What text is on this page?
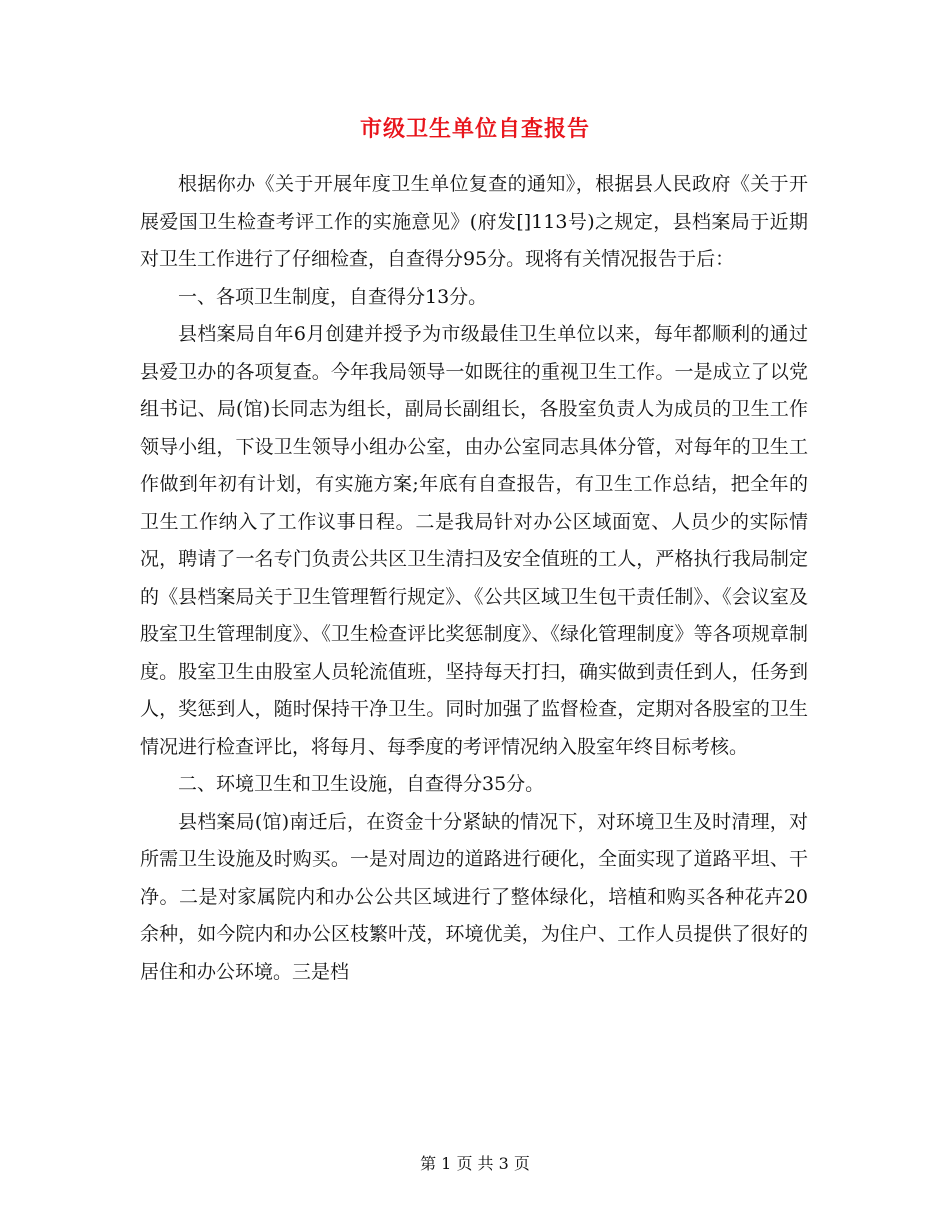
市级卫生单位自查报告

根据你办《关于开展年度卫生单位复查的通知》，根据县人民政府《关于开展爱国卫生检查考评工作的实施意见》(府发[]113号)之规定，县档案局于近期对卫生工作进行了仔细检查，自查得分95分。现将有关情况报告于后：

一、各项卫生制度，自查得分13分。

县档案局自年6月创建并授予为市级最佳卫生单位以来，每年都顺利的通过县爱卫办的各项复查。今年我局领导一如既往的重视卫生工作。一是成立了以党组书记、局(馆)长同志为组长，副局长副组长，各股室负责人为成员的卫生工作领导小组，下设卫生领导小组办公室，由办公室同志具体分管，对每年的卫生工作做到年初有计划，有实施方案;年底有自查报告，有卫生工作总结，把全年的卫生工作纳入了工作议事日程。二是我局针对办公区域面宽、人员少的实际情况，聘请了一名专门负责公共区卫生清扫及安全值班的工人，严格执行我局制定的《县档案局关于卫生管理暂行规定》、《公共区域卫生包干责任制》、《会议室及股室卫生管理制度》、《卫生检查评比奖惩制度》、《绿化管理制度》等各项规章制度。股室卫生由股室人员轮流值班，坚持每天打扫，确实做到责任到人，任务到人，奖惩到人，随时保持干净卫生。同时加强了监督检查，定期对各股室的卫生情况进行检查评比，将每月、每季度的考评情况纳入股室年终目标考核。

二、环境卫生和卫生设施，自查得分35分。

县档案局(馆)南迁后，在资金十分紧缺的情况下，对环境卫生及时清理，对所需卫生设施及时购买。一是对周边的道路进行硬化，全面实现了道路平坦、干净。二是对家属院内和办公公共区域进行了整体绿化，培植和购买各种花卉20余种，如今院内和办公区枝繁叶茂，环境优美，为住户、工作人员提供了很好的居住和办公环境。三是档

第 1 页 共 3 页
